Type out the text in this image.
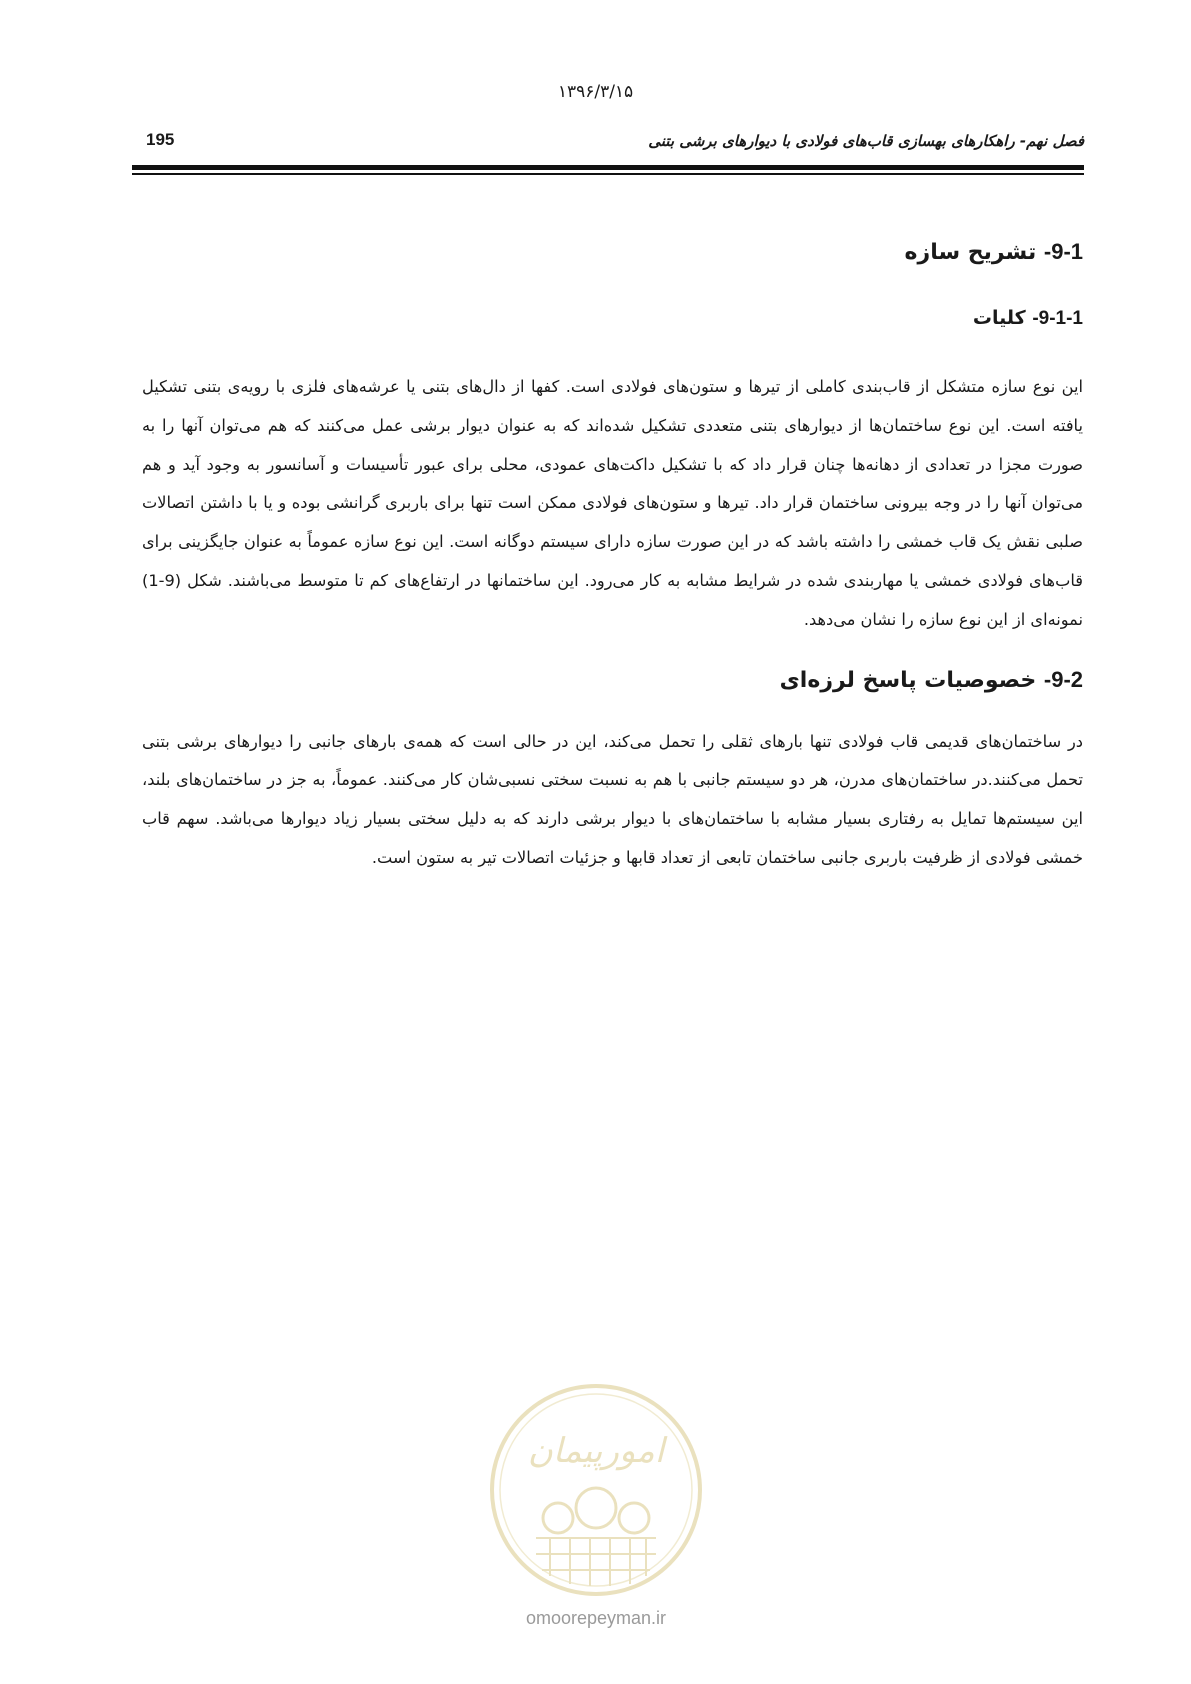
۱۳۹۶/۳/۱۵
195	فصل نهم- راهکارهای بهسازی قاب‌های فولادی با دیوارهای برشی بتنی
9-1- تشریح سازه
9-1-1- کلیات

این نوع سازه متشکل از قاب‌بندی کاملی از تیرها و ستون‌های فولادی است. کفها از دال‌های بتنی یا عرشه‌های فلزی با رویه‌ی بتنی تشکیل یافته است. این نوع ساختمان‌ها از دیوارهای بتنی متعددی تشکیل شده‌اند که به عنوان دیوار برشی عمل می‌کنند که هم می‌توان آنها را به صورت مجزا در تعدادی از دهانه‌ها چنان قرار داد که با تشکیل داکت‌های عمودی، محلی برای عبور تأسیسات و آسانسور به وجود آید و هم می‌توان آنها را در وجه بیرونی ساختمان قرار داد. تیرها و ستون‌های فولادی ممکن است تنها برای باربری گرانشی بوده و یا با داشتن اتصالات صلبی نقش یک قاب خمشی را داشته باشد که در این صورت سازه دارای سیستم دوگانه است. این نوع سازه عموماً به عنوان جایگزینی برای قاب‌های فولادی خمشی یا مهاربندی شده در شرایط مشابه به کار می‌رود. این ساختمانها در ارتفاع‌های کم تا متوسط می‌باشند. شکل (9-1) نمونه‌ای از این نوع سازه را نشان می‌دهد.

9-2- خصوصیات پاسخ لرزه‌ای

در ساختمان‌های قدیمی قاب فولادی تنها بارهای ثقلی را تحمل می‌کند، این در حالی است که همه‌ی بارهای جانبی را دیوارهای برشی بتنی تحمل می‌کنند.در ساختمان‌های مدرن، هر دو سیستم جانبی با هم به نسبت سختی نسبی‌شان کار می‌کنند. عموماً، به جز در ساختمان‌های بلند، این سیستم‌ها تمایل به رفتاری بسیار مشابه با ساختمان‌های با دیوار برشی دارند که به دلیل سختی بسیار زیاد دیوارها می‌باشد. سهم قاب خمشی فولادی از ظرفیت باربری جانبی ساختمان تابعی از تعداد قابها و جزئیات اتصالات تیر به ستون است.

امورپیمان
omoorepeyman.ir
